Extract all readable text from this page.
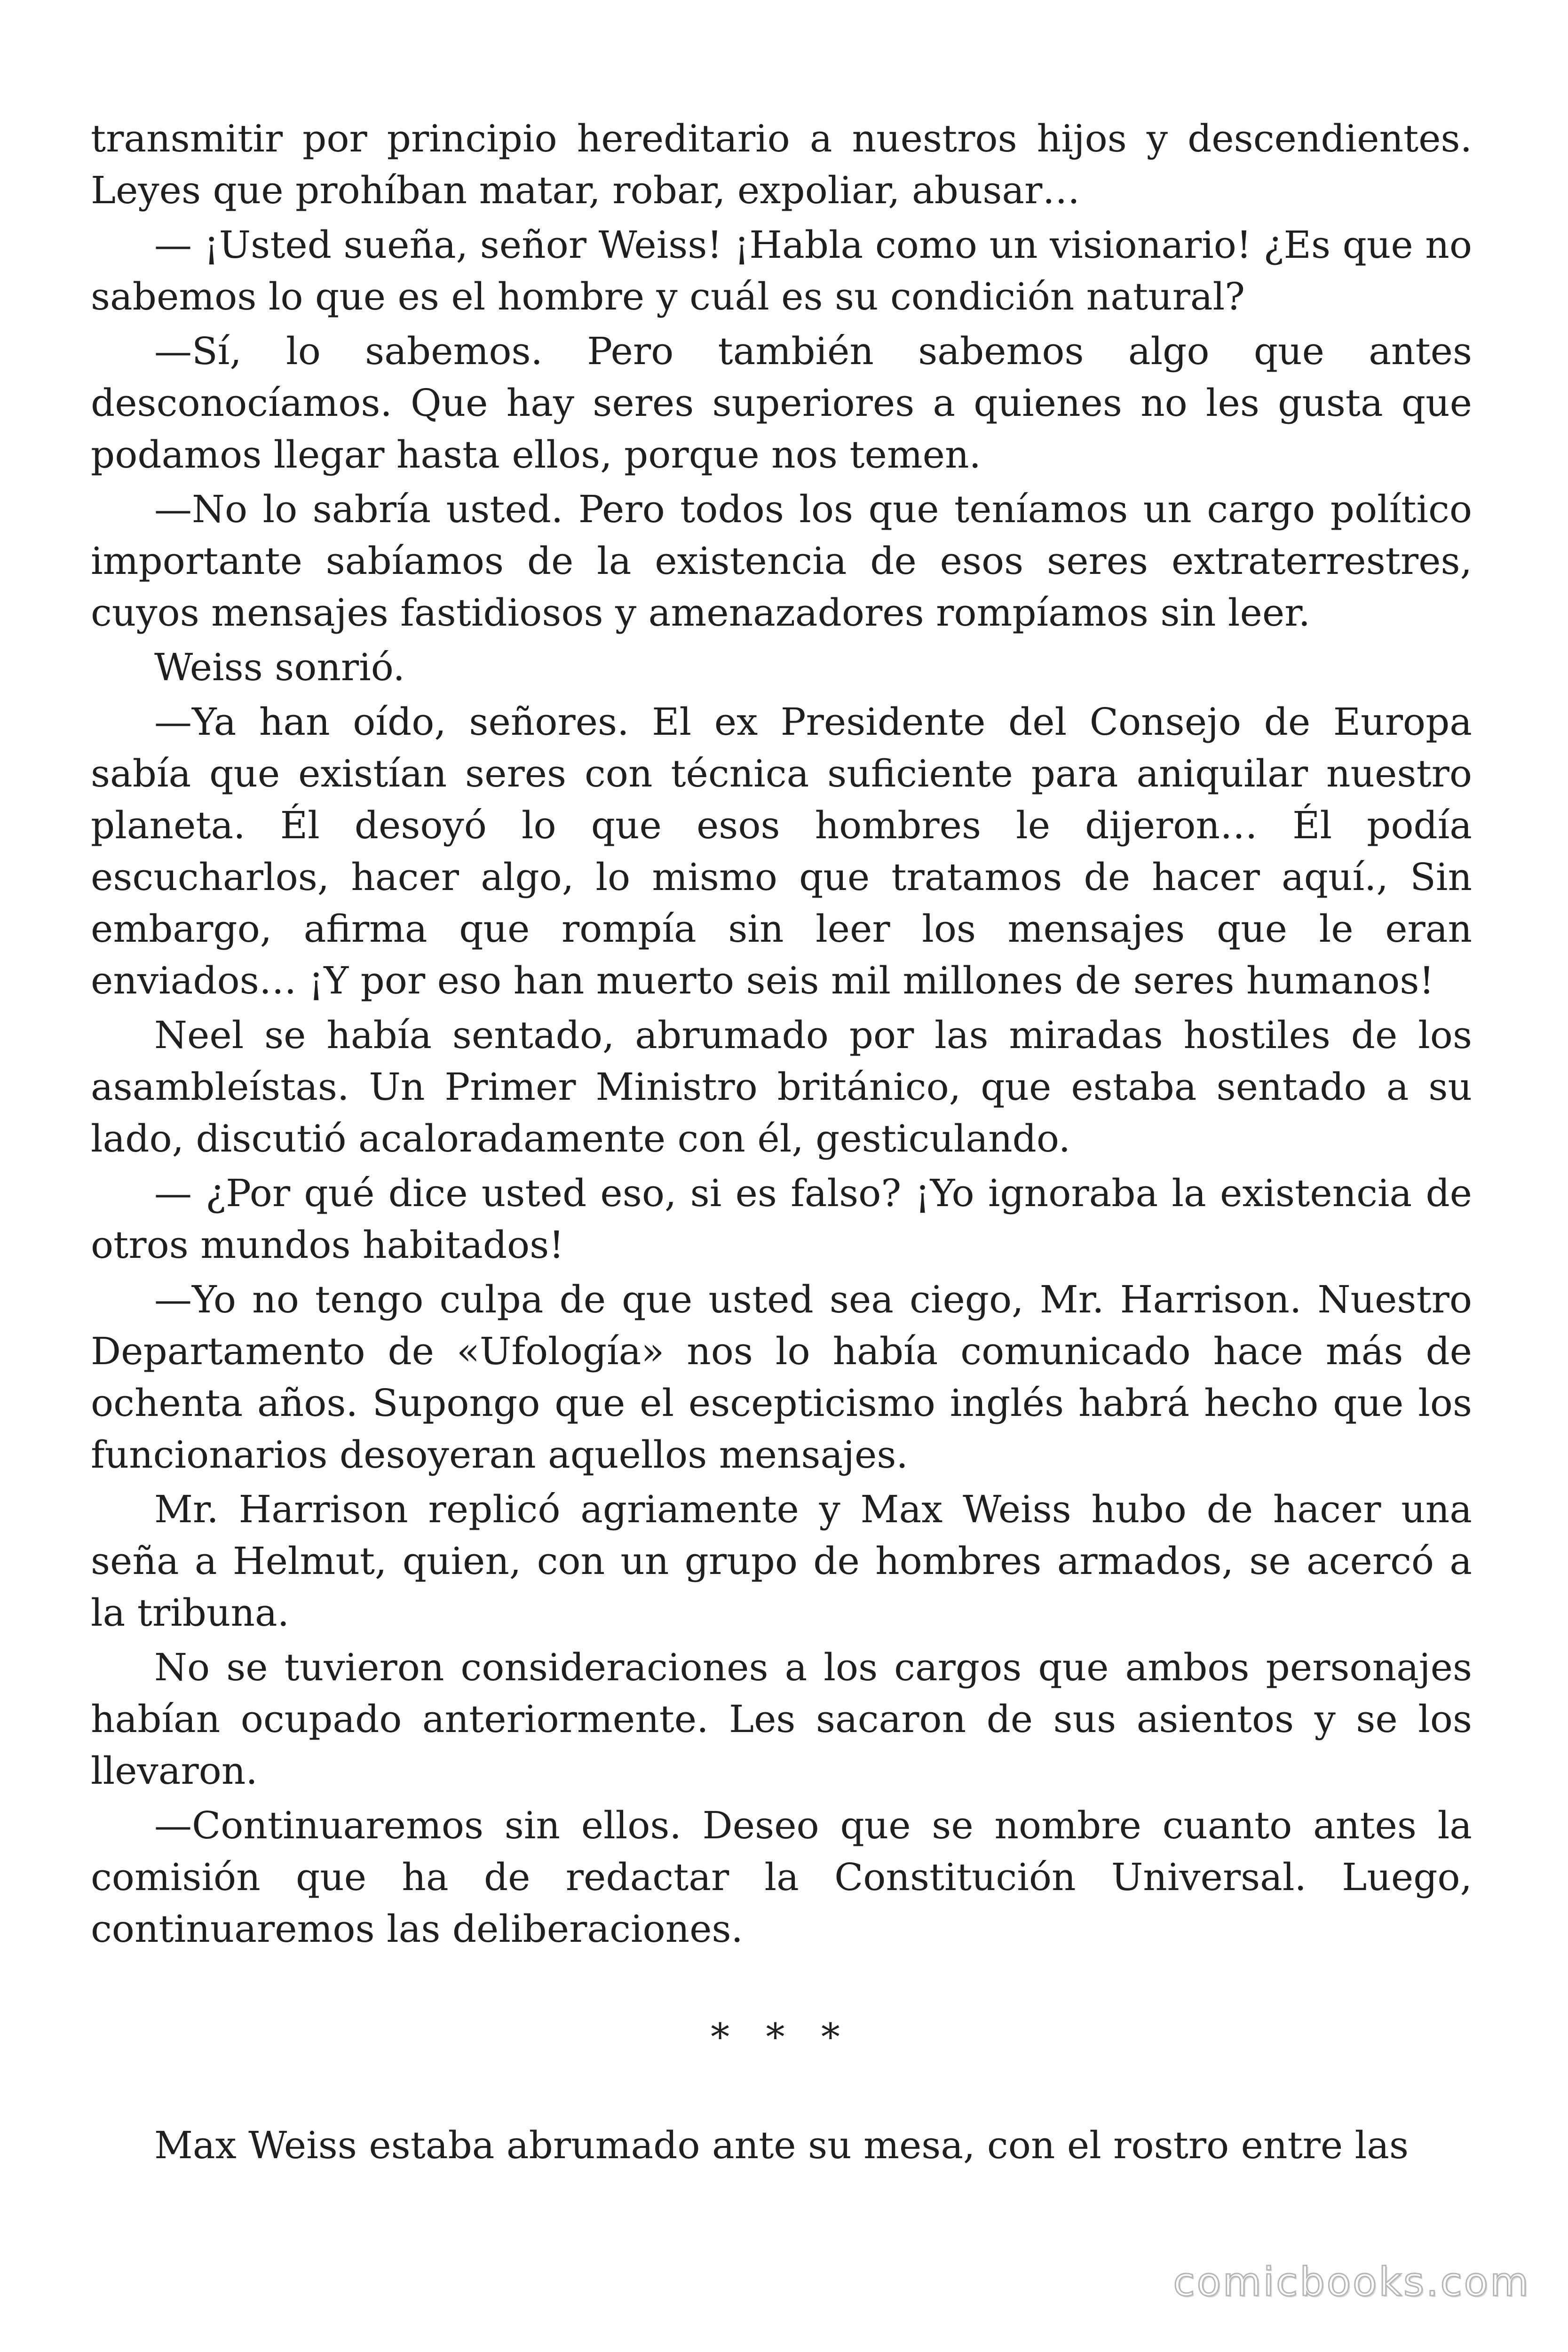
transmitir por principio hereditario a nuestros hijos y descendientes. Leyes que prohíban matar, robar, expoliar, abusar…

— ¡Usted sueña, señor Weiss! ¡Habla como un visionario! ¿Es que no sabemos lo que es el hombre y cuál es su condición natural?

—Sí, lo sabemos. Pero también sabemos algo que antes desconocíamos. Que hay seres superiores a quienes no les gusta que podamos llegar hasta ellos, porque nos temen.

—No lo sabría usted. Pero todos los que teníamos un cargo político importante sabíamos de la existencia de esos seres extraterrestres, cuyos mensajes fastidiosos y amenazadores rompíamos sin leer.

Weiss sonrió.

—Ya han oído, señores. El ex Presidente del Consejo de Europa sabía que existían seres con técnica suficiente para aniquilar nuestro planeta. Él desoyó lo que esos hombres le dijeron… Él podía escucharlos, hacer algo, lo mismo que tratamos de hacer aquí., Sin embargo, afirma que rompía sin leer los mensajes que le eran enviados… ¡Y por eso han muerto seis mil millones de seres humanos!

Neel se había sentado, abrumado por las miradas hostiles de los asambleístas. Un Primer Ministro británico, que estaba sentado a su lado, discutió acaloradamente con él, gesticulando.

— ¿Por qué dice usted eso, si es falso? ¡Yo ignoraba la existencia de otros mundos habitados!

—Yo no tengo culpa de que usted sea ciego, Mr. Harrison. Nuestro Departamento de «Ufología» nos lo había comunicado hace más de ochenta años. Supongo que el escepticismo inglés habrá hecho que los funcionarios desoyeran aquellos mensajes.

Mr. Harrison replicó agriamente y Max Weiss hubo de hacer una seña a Helmut, quien, con un grupo de hombres armados, se acercó a la tribuna.

No se tuvieron consideraciones a los cargos que ambos personajes habían ocupado anteriormente. Les sacaron de sus asientos y se los llevaron.

—Continuaremos sin ellos. Deseo que se nombre cuanto antes la comisión que ha de redactar la Constitución Universal. Luego, continuaremos las deliberaciones.

* * *

Max Weiss estaba abrumado ante su mesa, con el rostro entre las

comicbooks.com
